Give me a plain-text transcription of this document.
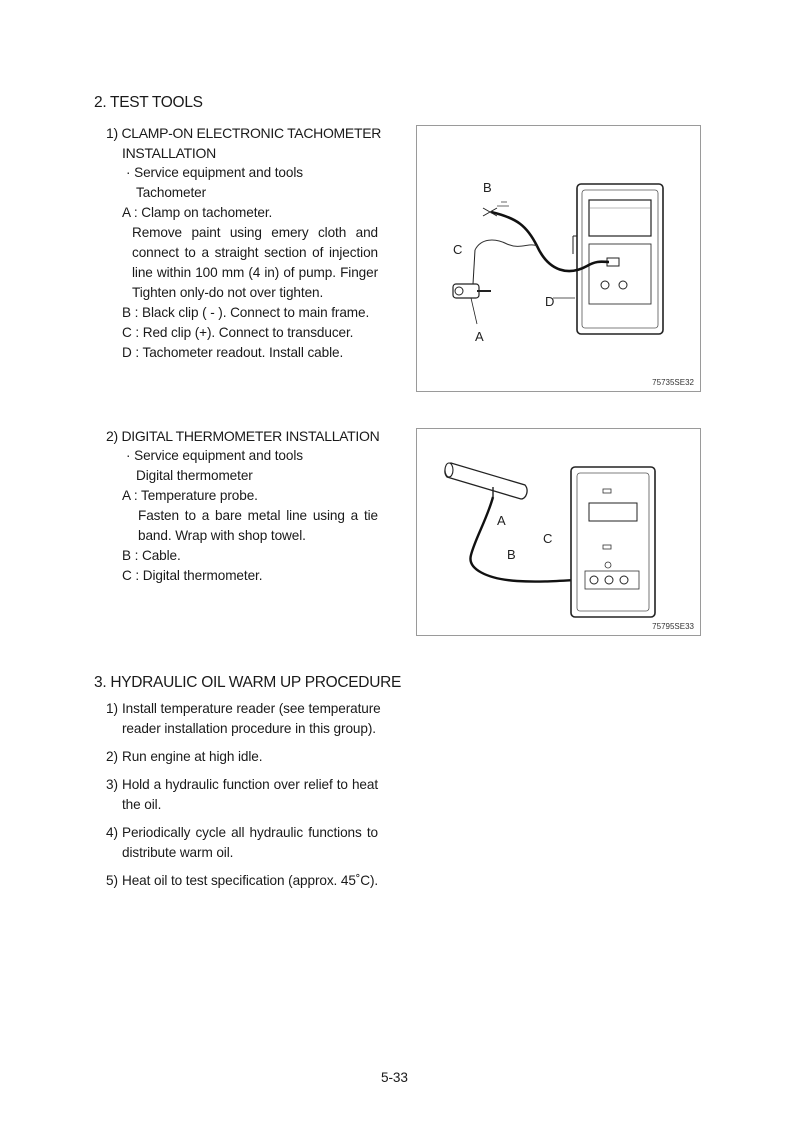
2. TEST TOOLS
1) CLAMP-ON ELECTRONIC TACHOMETER
INSTALLATION
· Service equipment and tools
Tachometer
A : Clamp on tachometer.
Remove paint using emery cloth and
connect to a straight section of injection
line within 100 mm (4 in) of pump. Finger
Tighten only-do not over tighten.
B : Black clip ( - ). Connect to main frame.
C : Red clip (+). Connect to transducer.
D : Tachometer readout. Install cable.
B
C
D
A
75735SE32
2) DIGITAL THERMOMETER INSTALLATION
· Service equipment and tools
Digital thermometer
A : Temperature probe.
Fasten to a bare metal line using a tie
band. Wrap with shop towel.
B : Cable.
C : Digital thermometer.
A
C
B
75795SE33
3. HYDRAULIC OIL WARM UP PROCEDURE
1) Install temperature reader (see temperature
reader installation procedure in this group).
2) Run engine at high idle.
3) Hold a hydraulic function over relief to heat
the oil.
4) Periodically cycle all hydraulic functions to
distribute warm oil.
5) Heat oil to test specification (approx. 45˚C).
5-33
